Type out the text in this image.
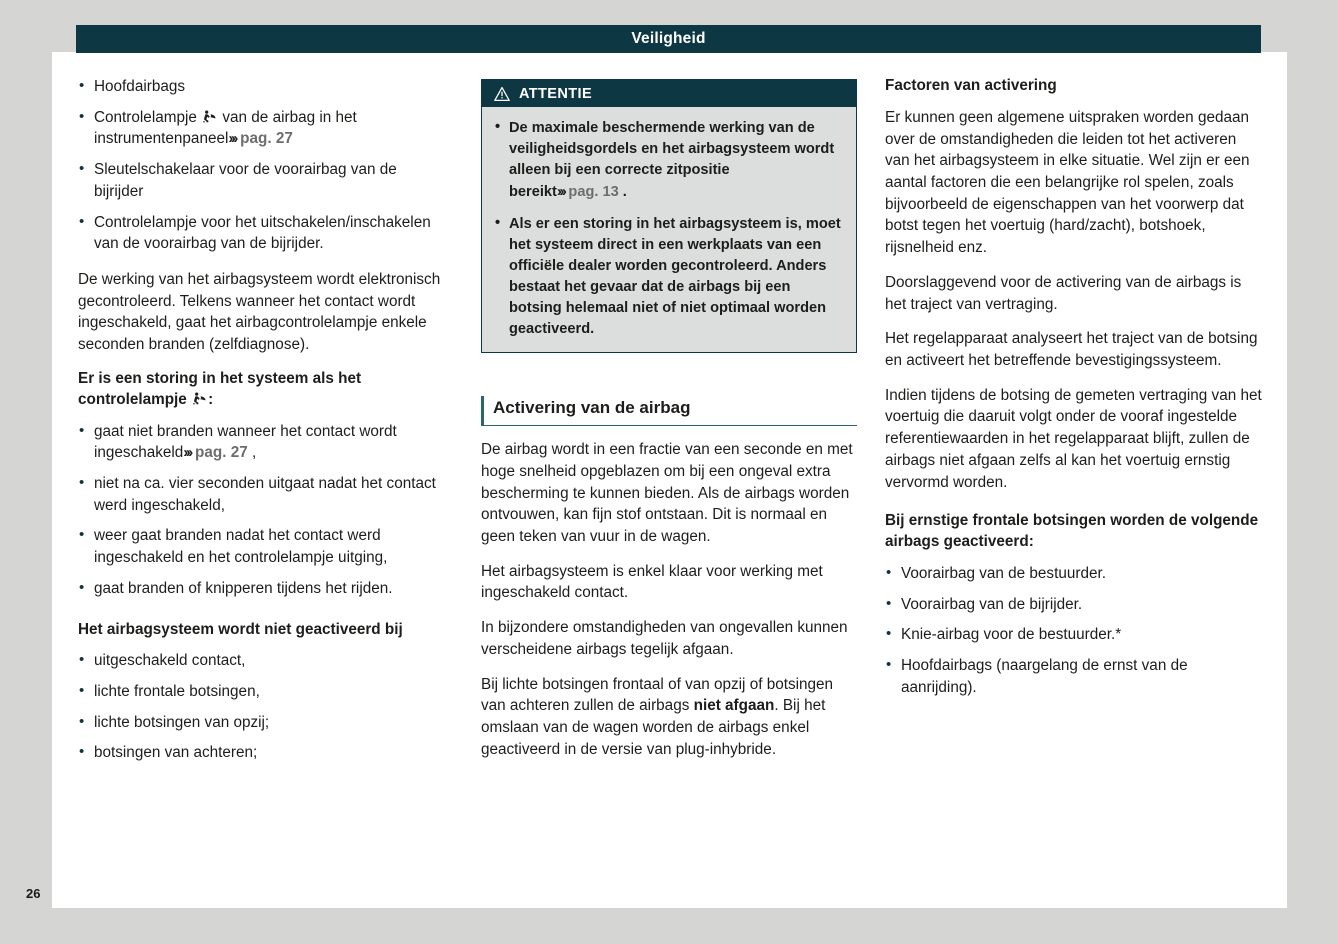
Veiligheid
26
• Hoofdairbags
• Controlelampje
van de airbag in het instrumentenpaneel››› pag. 27
• Sleutelschakelaar voor de voorairbag van de bijrijder
• Controlelampje voor het uitschakelen/inschakelen van de voorairbag van de bijrijder.

De werking van het airbagsysteem wordt elektronisch gecontroleerd. Telkens wanneer het contact wordt ingeschakeld, gaat het airbagcontrolelampje enkele seconden branden (zelfdiagnose).

Er is een storing in het systeem als het controlelampje
:
• gaat niet branden wanneer het contact wordt ingeschakeld››› pag. 27 ,
• niet na ca. vier seconden uitgaat nadat het contact werd ingeschakeld,
• weer gaat branden nadat het contact werd ingeschakeld en het controlelampje uitging,
• gaat branden of knipperen tijdens het rijden.
Het airbagsysteem wordt niet geactiveerd bij
• uitgeschakeld contact,
• lichte frontale botsingen,
• lichte botsingen van opzij;
• botsingen van achteren;
ATTENTIE
• De maximale beschermende werking van de veiligheidsgordels en het airbagsysteem wordt alleen bij een correcte zitpositie bereikt››› pag. 13 .
• Als er een storing in het airbagsysteem is, moet het systeem direct in een werkplaats van een officiële dealer worden gecontroleerd. Anders bestaat het gevaar dat de airbags bij een botsing helemaal niet of niet optimaal worden geactiveerd.
Activering van de airbag

De airbag wordt in een fractie van een seconde en met hoge snelheid opgeblazen om bij een ongeval extra bescherming te kunnen bieden. Als de airbags worden ontvouwen, kan fijn stof ontstaan. Dit is normaal en geen teken van vuur in de wagen.

Het airbagsysteem is enkel klaar voor werking met ingeschakeld contact.

In bijzondere omstandigheden van ongevallen kunnen verscheidene airbags tegelijk afgaan.

Bij lichte botsingen frontaal of van opzij of botsingen van achteren zullen de airbags niet afgaan. Bij het omslaan van de wagen worden de airbags enkel geactiveerd in de versie van plug-inhybride.

Factoren van activering

Er kunnen geen algemene uitspraken worden gedaan over de omstandigheden die leiden tot het activeren van het airbagsysteem in elke situatie. Wel zijn er een aantal factoren die een belangrijke rol spelen, zoals bijvoorbeeld de eigenschappen van het voorwerp dat botst tegen het voertuig (hard/zacht), botshoek, rijsnelheid enz.

Doorslaggevend voor de activering van de airbags is het traject van vertraging.

Het regelapparaat analyseert het traject van de botsing en activeert het betreffende bevestigingssysteem.

Indien tijdens de botsing de gemeten vertraging van het voertuig die daaruit volgt onder de vooraf ingestelde referentiewaarden in het regelapparaat blijft, zullen de airbags niet afgaan zelfs al kan het voertuig ernstig vervormd worden.

Bij ernstige frontale botsingen worden de volgende airbags geactiveerd:
• Voorairbag van de bestuurder.
• Voorairbag van de bijrijder.
• Knie-airbag voor de bestuurder.*
• Hoofdairbags (naargelang de ernst van de aanrijding).
